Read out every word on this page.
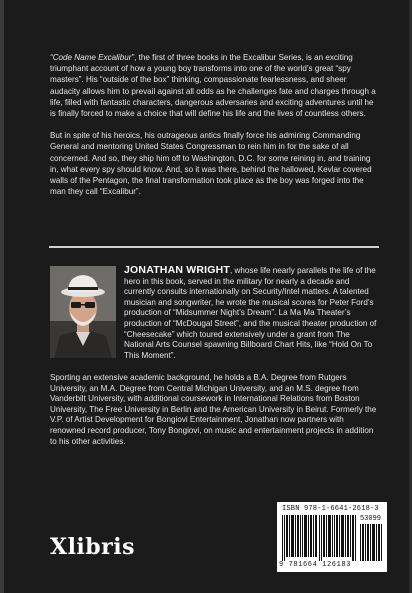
“Code Name Excalibur”, the first of three books in the Excalibur Series, is an exciting triumphant account of how a young boy transforms into one of the world’s great “spy masters”. His “outside of the box” thinking, compassionate fearlessness, and sheer audacity allows him to prevail against all odds as he challenges fate and charges through a life, filled with fantastic characters, dangerous adversaries and exciting adventures until he is finally forced to make a choice that will define his life and the lives of countless others.

But in spite of his heroics, his outrageous antics finally force his admiring Commanding General and mentoring United States Congressman to rein him in for the sake of all concerned. And so, they ship him off to Washington, D.C. for some reining in, and training in, what every spy should know. And, so it was there, behind the hallowed, Kevlar covered walls of the Pentagon, the final transformation took place as the boy was forged into the man they call “Excalibur”.

JONATHAN WRIGHT, whose life nearly parallels the life of the hero in this book, served in the military for nearly a decade and currently consults internationally on Security/Intel matters. A talented musician and songwriter, he wrote the musical scores for Peter Ford’s production of “Midsummer Night’s Dream”. La Ma Ma Theater’s production of “McDougal Street”, and the musical theater production of “Cheesecake” which toured extensively under a grant from The National Arts Counsel spawning Billboard Chart Hits, like “Hold On To This Moment”.
Sporting an extensive academic background, he holds a B.A. Degree from Rutgers University, an M.A. Degree from Central Michigan University, and an M.S. degree from Vanderbilt University, with additional coursework in International Relations from Boston University, The Free University in Berlin and the American University in Beirut. Formerly the V.P. of Artist Development for Bongiovi Entertainment, Jonathan now partners with renowned record producer, Tony Bongiovi, on music and entertainment projects in addition to his other activities.
Xlibris
ISBN 978-1-6641-2618-3
53099
9 781664 126183
